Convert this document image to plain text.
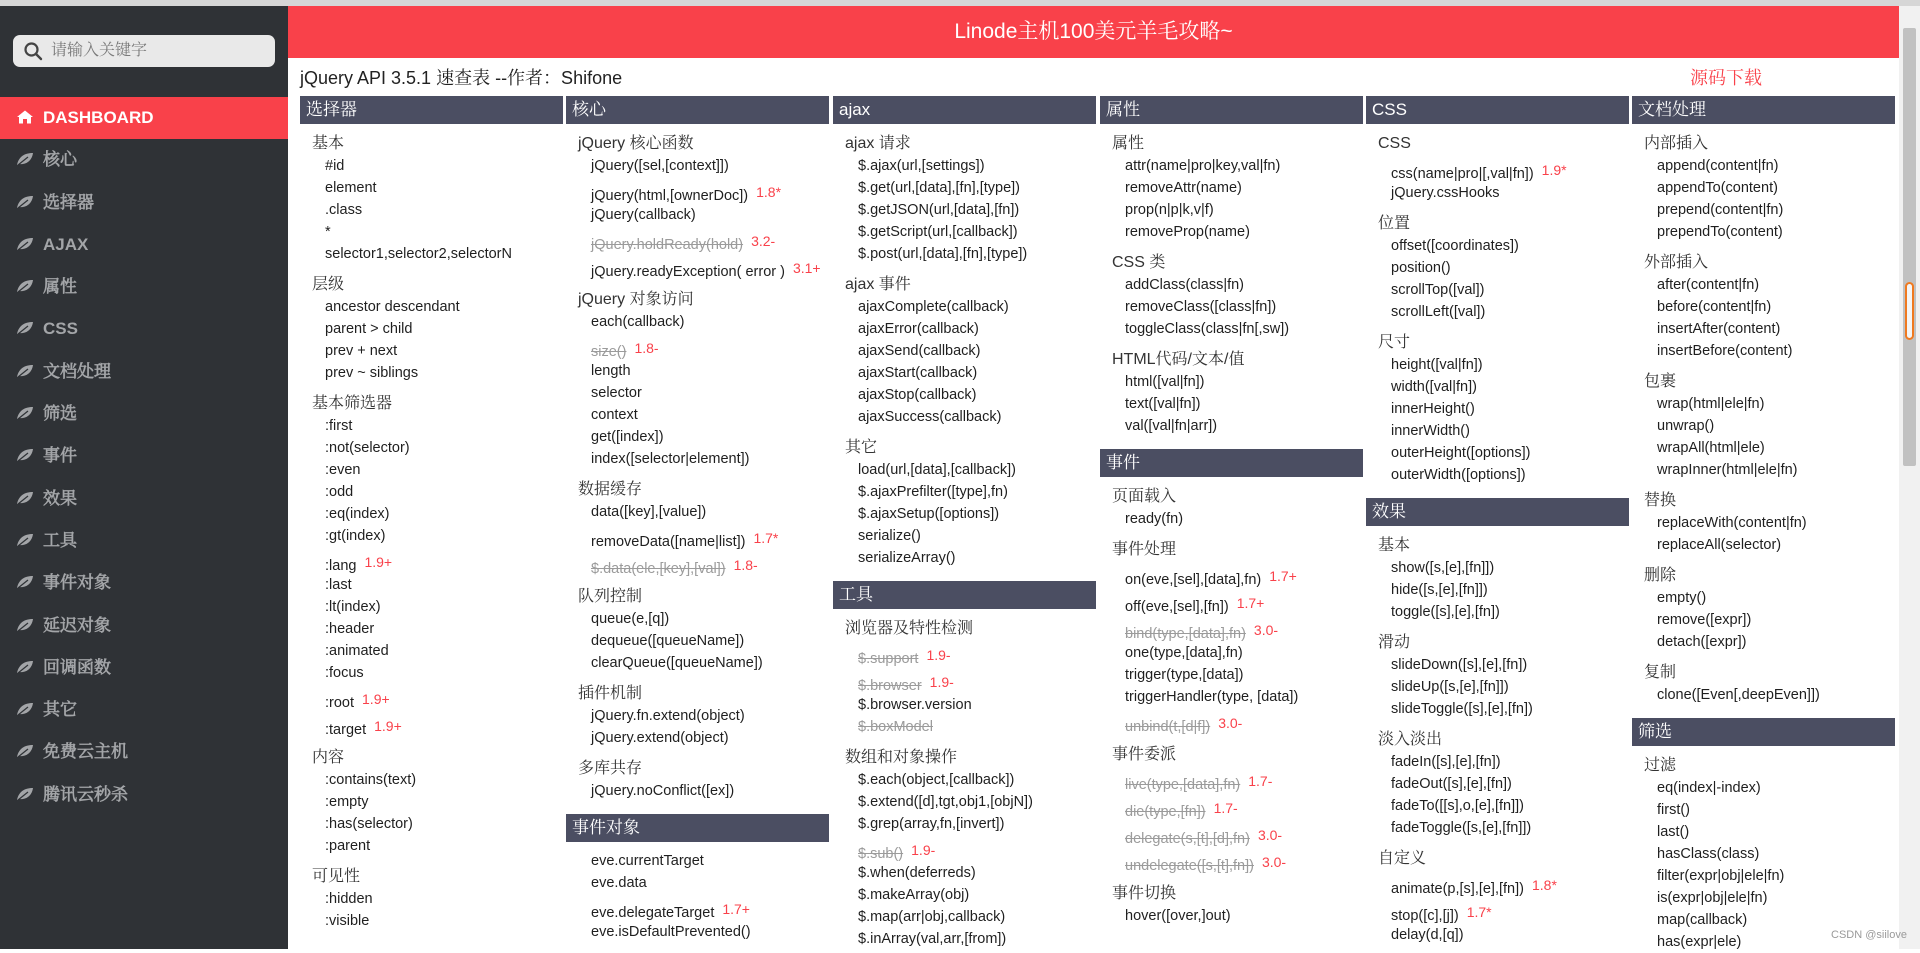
请输入关键字
DASHBOARD
核心
选择器
AJAX
属性
CSS
文档处理
筛选
事件
效果
工具
事件对象
延迟对象
回调函数
其它
免费云主机
腾讯云秒杀
Linode主机100美元羊毛攻略~
jQuery API 3.5.1 速查表 --作者：Shifone	源码下载
选择器
基本
#id
element
.class
*
selector1,selector2,selectorN
层级
ancestor descendant
parent > child
prev + next
prev ~ siblings
基本筛选器
:first
:not(selector)
:even
:odd
:eq(index)
:gt(index)
:lang 1.9+
:last
:lt(index)
:header
:animated
:focus
:root 1.9+
:target 1.9+
内容
:contains(text)
:empty
:has(selector)
:parent
可见性
:hidden
:visible
核心
jQuery 核心函数
jQuery([sel,[context]])
jQuery(html,[ownerDoc]) 1.8*
jQuery(callback)
jQuery.holdReady(hold) 3.2-
jQuery.readyException( error ) 3.1+
jQuery 对象访问
each(callback)
size() 1.8-
length
selector
context
get([index])
index([selector|element])
数据缓存
data([key],[value])
removeData([name|list]) 1.7*
$.data(ele,[key],[val]) 1.8-
队列控制
queue(e,[q])
dequeue([queueName])
clearQueue([queueName])
插件机制
jQuery.fn.extend(object)
jQuery.extend(object)
多库共存
jQuery.noConflict([ex])
事件对象
eve.currentTarget
eve.data
eve.delegateTarget 1.7+
eve.isDefaultPrevented()
ajax
ajax 请求
$.ajax(url,[settings])
$.get(url,[data],[fn],[type])
$.getJSON(url,[data],[fn])
$.getScript(url,[callback])
$.post(url,[data],[fn],[type])
ajax 事件
ajaxComplete(callback)
ajaxError(callback)
ajaxSend(callback)
ajaxStart(callback)
ajaxStop(callback)
ajaxSuccess(callback)
其它
load(url,[data],[callback])
$.ajaxPrefilter([type],fn)
$.ajaxSetup([options])
serialize()
serializeArray()
工具
浏览器及特性检测
$.support 1.9-
$.browser 1.9-
$.browser.version
$.boxModel
数组和对象操作
$.each(object,[callback])
$.extend([d],tgt,obj1,[objN])
$.grep(array,fn,[invert])
$.sub() 1.9-
$.when(deferreds)
$.makeArray(obj)
$.map(arr|obj,callback)
$.inArray(val,arr,[from])
属性
属性
attr(name|pro|key,val|fn)
removeAttr(name)
prop(n|p|k,v|f)
removeProp(name)
CSS 类
addClass(class|fn)
removeClass([class|fn])
toggleClass(class|fn[,sw])
HTML代码/文本/值
html([val|fn])
text([val|fn])
val([val|fn|arr])
事件
页面载入
ready(fn)
事件处理
on(eve,[sel],[data],fn) 1.7+
off(eve,[sel],[fn]) 1.7+
bind(type,[data],fn) 3.0-
one(type,[data],fn)
trigger(type,[data])
triggerHandler(type, [data])
unbind(t,[d|f]) 3.0-
事件委派
live(type,[data],fn) 1.7-
die(type,[fn]) 1.7-
delegate(s,[t],[d],fn) 3.0-
undelegate([s,[t],fn]) 3.0-
事件切换
hover([over,]out)
CSS
CSS
css(name|pro|[,val|fn]) 1.9*
jQuery.cssHooks
位置
offset([coordinates])
position()
scrollTop([val])
scrollLeft([val])
尺寸
height([val|fn])
width([val|fn])
innerHeight()
innerWidth()
outerHeight([options])
outerWidth([options])
效果
基本
show([s,[e],[fn]])
hide([s,[e],[fn]])
toggle([s],[e],[fn])
滑动
slideDown([s],[e],[fn])
slideUp([s,[e],[fn]])
slideToggle([s],[e],[fn])
淡入淡出
fadeIn([s],[e],[fn])
fadeOut([s],[e],[fn])
fadeTo([[s],o,[e],[fn]])
fadeToggle([s,[e],[fn]])
自定义
animate(p,[s],[e],[fn]) 1.8*
stop([c],[j]) 1.7*
delay(d,[q])
文档处理
内部插入
append(content|fn)
appendTo(content)
prepend(content|fn)
prependTo(content)
外部插入
after(content|fn)
before(content|fn)
insertAfter(content)
insertBefore(content)
包裹
wrap(html|ele|fn)
unwrap()
wrapAll(html|ele)
wrapInner(html|ele|fn)
替换
replaceWith(content|fn)
replaceAll(selector)
删除
empty()
remove([expr])
detach([expr])
复制
clone([Even[,deepEven]])
筛选
过滤
eq(index|-index)
first()
last()
hasClass(class)
filter(expr|obj|ele|fn)
is(expr|obj|ele|fn)
map(callback)
has(expr|ele)	CSDN @siilove
